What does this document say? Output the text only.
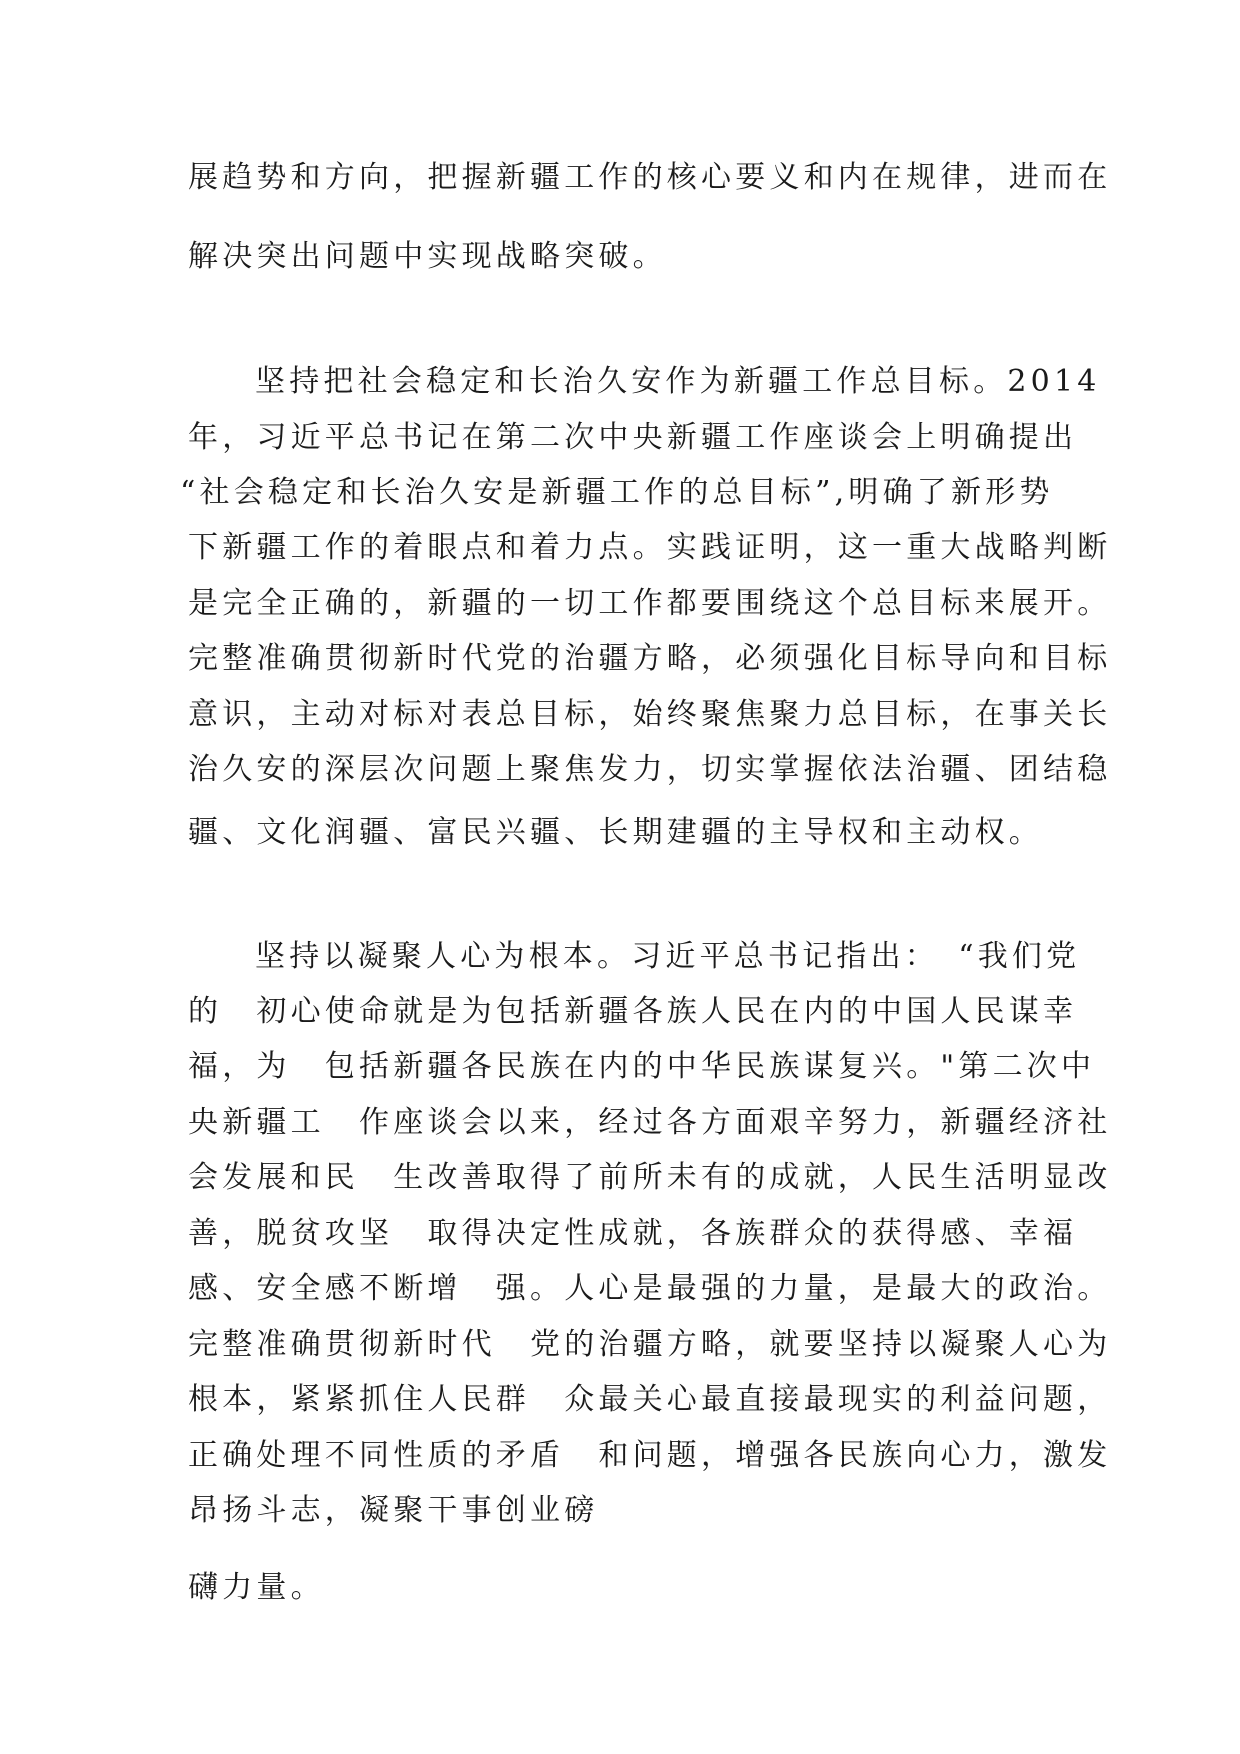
展趋势和方向，把握新疆工作的核心要义和内在规律，进而在

解决突出问题中实现战略突破。

坚持把社会稳定和长治久安作为新疆工作总目标。2014

年，习近平总书记在第二次中央新疆工作座谈会上明确提出

“社会稳定和长治久安是新疆工作的总目标”,明确了新形势

下新疆工作的着眼点和着力点。实践证明，这一重大战略判断

是完全正确的，新疆的一切工作都要围绕这个总目标来展开。

完整准确贯彻新时代党的治疆方略，必须强化目标导向和目标

意识，主动对标对表总目标，始终聚焦聚力总目标，在事关长

治久安的深层次问题上聚焦发力，切实掌握依法治疆、团结稳

疆、文化润疆、富民兴疆、长期建疆的主导权和主动权。

坚持以凝聚人心为根本。习近平总书记指出：　“我们党

的　初心使命就是为包括新疆各族人民在内的中国人民谋幸

福，为　包括新疆各民族在内的中华民族谋复兴。"第二次中

央新疆工　作座谈会以来，经过各方面艰辛努力，新疆经济社

会发展和民　生改善取得了前所未有的成就，人民生活明显改

善，脱贫攻坚　取得决定性成就，各族群众的获得感、幸福

感、安全感不断增　强。人心是最强的力量，是最大的政治。

完整准确贯彻新时代　党的治疆方略，就要坚持以凝聚人心为

根本，紧紧抓住人民群　众最关心最直接最现实的利益问题，

正确处理不同性质的矛盾　和问题，增强各民族向心力，激发

昂扬斗志，凝聚干事创业磅

礴力量。
